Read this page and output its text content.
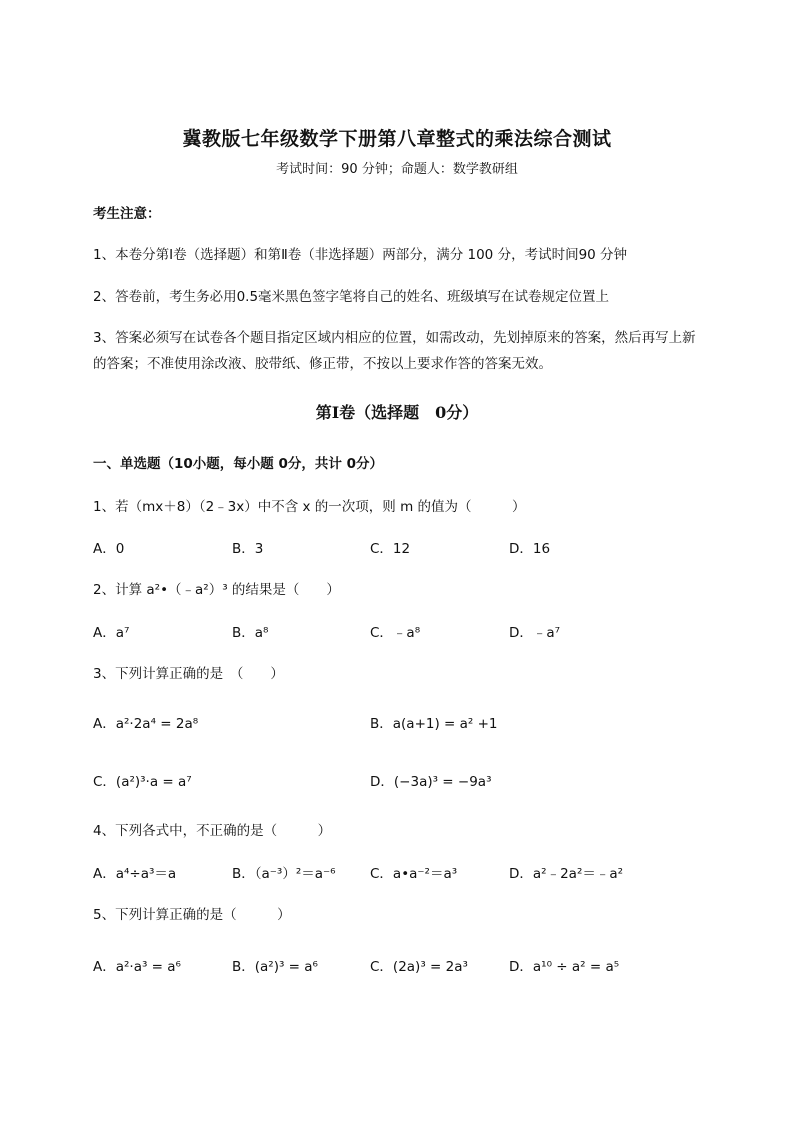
冀教版七年级数学下册第八章整式的乘法综合测试
考试时间：90 分钟；命题人：数学教研组
考生注意：
1、本卷分第Ⅰ卷（选择题）和第Ⅱ卷（非选择题）两部分，满分 100 分，考试时间90 分钟
2、答卷前，考生务必用0.5毫米黑色签字笔将自己的姓名、班级填写在试卷规定位置上
3、答案必须写在试卷各个题目指定区域内相应的位置，如需改动，先划掉原来的答案，然后再写上新
的答案；不准使用涂改液、胶带纸、修正带，不按以上要求作答的答案无效。
第Ⅰ卷（选择题　0分）
一、单选题（10小题，每小题 0分，共计 0分）
1、若（mx＋8）（2﹣3x）中不含 x 的一次项，则 m 的值为（　　　）
A．0	B．3	C．12	D．16
2、计算 a²•（﹣a²）³ 的结果是（　　）
A．a⁷	B．a⁸	C．﹣a⁸	D．﹣a⁷
3、下列计算正确的是　（　　）
A．a²·2a⁴ = 2a⁸	B．a(a+1) = a² +1
C．(a²)³·a = a⁷	D．(−3a)³ = −9a³
4、下列各式中，不正确的是（　　　）
A．a⁴÷a³＝a	B．（a⁻³）²＝a⁻⁶	C．a•a⁻²＝a³	D．a²﹣2a²＝﹣a²
5、下列计算正确的是（　　　）
A．a²·a³ = a⁶	B．(a²)³ = a⁶	C．(2a)³ = 2a³	D．a¹⁰ ÷ a² = a⁵
